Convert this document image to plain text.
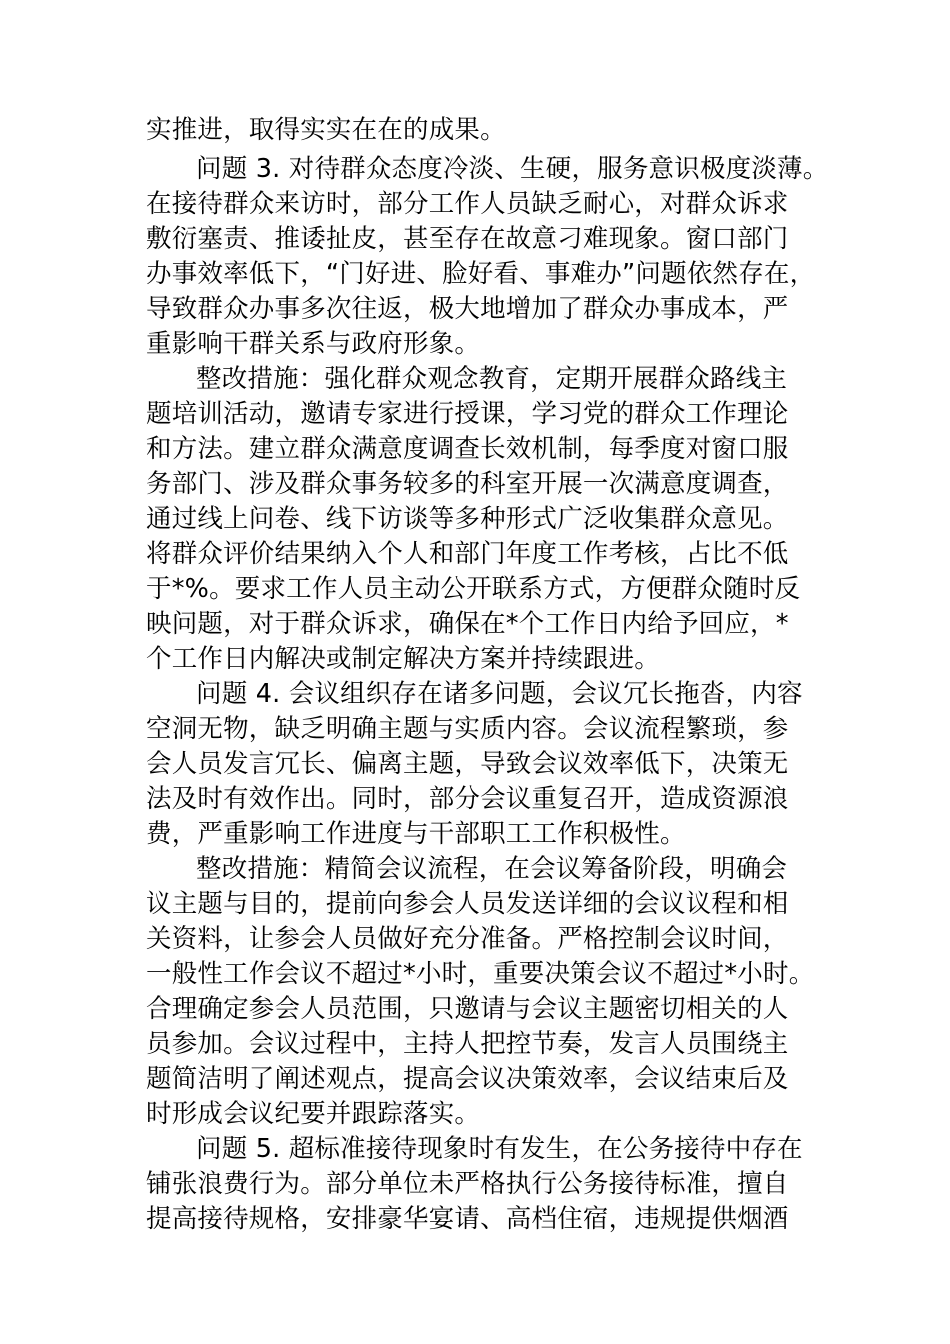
实推进，取得实实在在的成果。
问题 3. 对待群众态度冷淡、生硬，服务意识极度淡薄。
在接待群众来访时，部分工作人员缺乏耐心，对群众诉求
敷衍塞责、推诿扯皮，甚至存在故意刁难现象。窗口部门
办事效率低下，“门好进、脸好看、事难办”问题依然存在，
导致群众办事多次往返，极大地增加了群众办事成本，严
重影响干群关系与政府形象。
整改措施：强化群众观念教育，定期开展群众路线主
题培训活动，邀请专家进行授课，学习党的群众工作理论
和方法。建立群众满意度调查长效机制，每季度对窗口服
务部门、涉及群众事务较多的科室开展一次满意度调查，
通过线上问卷、线下访谈等多种形式广泛收集群众意见。
将群众评价结果纳入个人和部门年度工作考核，占比不低
于*%。要求工作人员主动公开联系方式，方便群众随时反
映问题，对于群众诉求，确保在*个工作日内给予回应，*
个工作日内解决或制定解决方案并持续跟进。
问题 4. 会议组织存在诸多问题，会议冗长拖沓，内容
空洞无物，缺乏明确主题与实质内容。会议流程繁琐，参
会人员发言冗长、偏离主题，导致会议效率低下，决策无
法及时有效作出。同时，部分会议重复召开，造成资源浪
费，严重影响工作进度与干部职工工作积极性。
整改措施：精简会议流程，在会议筹备阶段，明确会
议主题与目的，提前向参会人员发送详细的会议议程和相
关资料，让参会人员做好充分准备。严格控制会议时间，
一般性工作会议不超过*小时，重要决策会议不超过*小时。
合理确定参会人员范围，只邀请与会议主题密切相关的人
员参加。会议过程中，主持人把控节奏，发言人员围绕主
题简洁明了阐述观点，提高会议决策效率，会议结束后及
时形成会议纪要并跟踪落实。
问题 5. 超标准接待现象时有发生，在公务接待中存在
铺张浪费行为。部分单位未严格执行公务接待标准，擅自
提高接待规格，安排豪华宴请、高档住宿，违规提供烟酒
